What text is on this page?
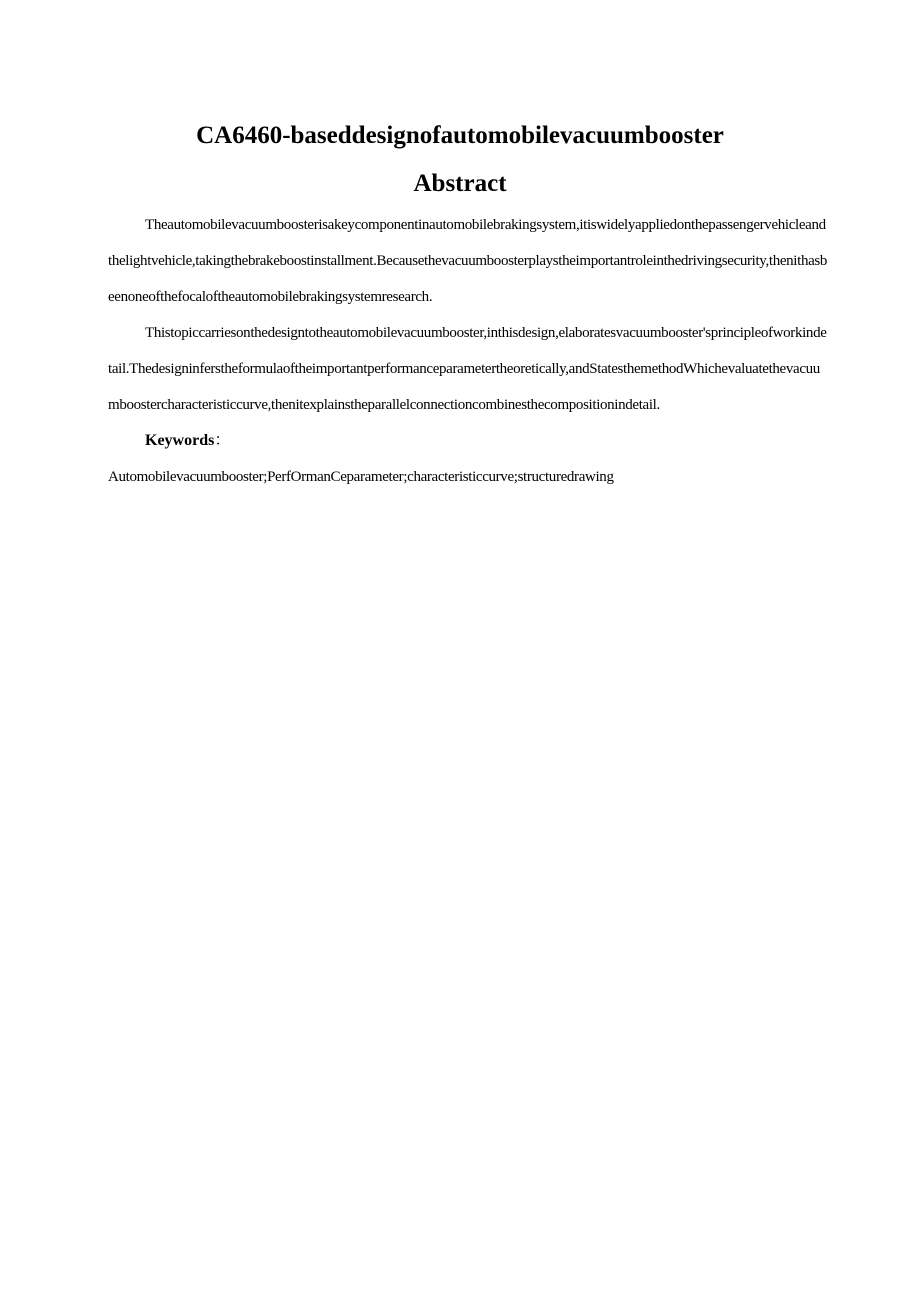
CA6460-baseddesignofautomobilevacuumbooster
Abstract

Theautomobilevacuumboosterisakeycomponentinautomobilebrakingsystem,itiswidelyappliedonthepassengervehicleandthelightvehicle,takingthebrakeboostinstallment.Becausethevacuumboosterplaystheimportantroleinthedrivingsecurity,thenithasbeenoneofthefocaloftheautomobilebrakingsystemresearch.

Thistopiccarriesonthedesigntotheautomobilevacuumbooster,inthisdesign,elaboratesvacuumbooster'sprincipleofworkindetail.Thedesigninferstheformulaoftheimportantperformanceparametertheoretically,andStatesthemethodWhichevaluatethevacuumboostercharacteristiccurve,thenitexplainstheparallelconnectioncombinesthecompositionindetail.

Keywords：

Automobilevacuumbooster;PerfOrmanCeparameter;characteristiccurve;structuredrawing
